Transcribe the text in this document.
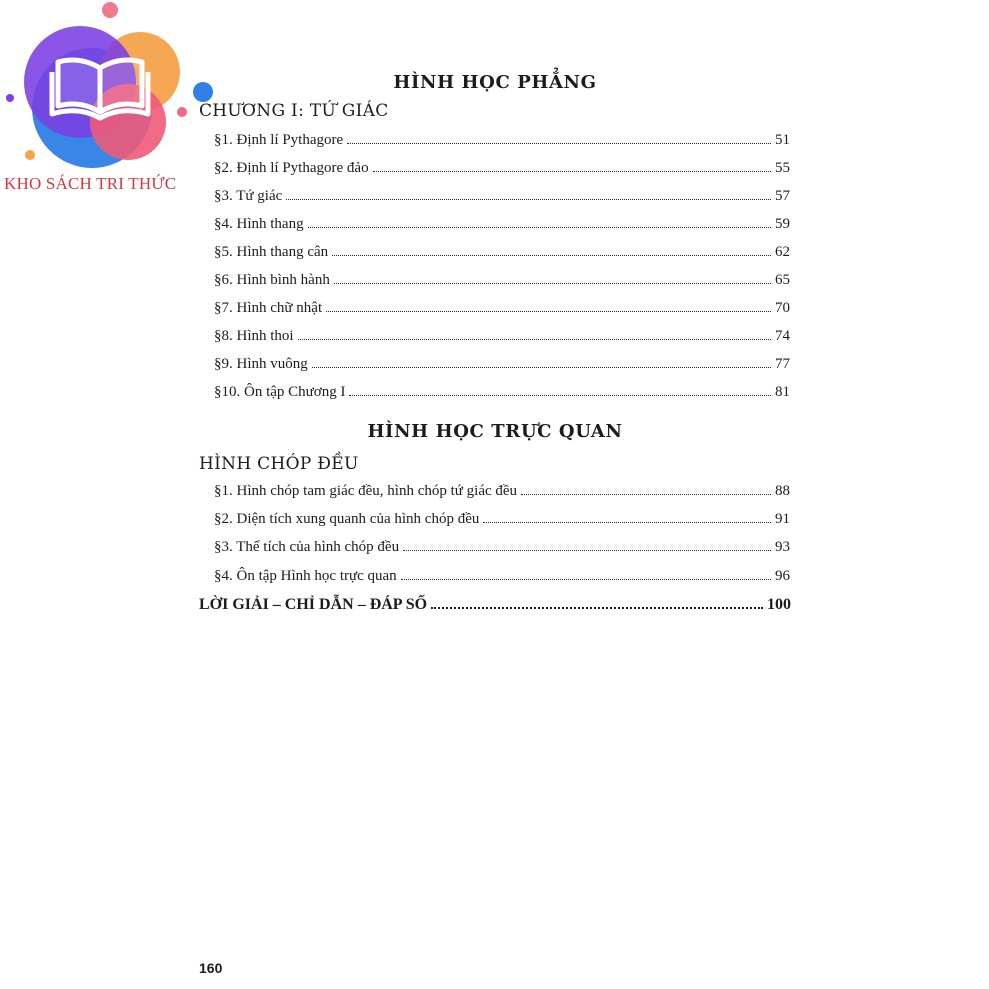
KHO SÁCH TRI THỨC
HÌNH HỌC PHẲNG
CHƯƠNG I: TỨ GIÁC
§1. Định lí Pythagore	51
§2. Định lí Pythagore đảo	55
§3. Tứ giác	57
§4. Hình thang	59
§5. Hình thang cân	62
§6. Hình bình hành	65
§7. Hình chữ nhật	70
§8. Hình thoi	74
§9. Hình vuông	77
§10. Ôn tập Chương I	81
HÌNH HỌC TRỰC QUAN
HÌNH CHÓP ĐỀU
§1. Hình chóp tam giác đều, hình chóp tứ giác đều	88
§2. Diện tích xung quanh của hình chóp đều	91
§3. Thể tích của hình chóp đều	93
§4. Ôn tập Hình học trực quan	96
LỜI GIẢI – CHỈ DẪN – ĐÁP SỐ	100
160
